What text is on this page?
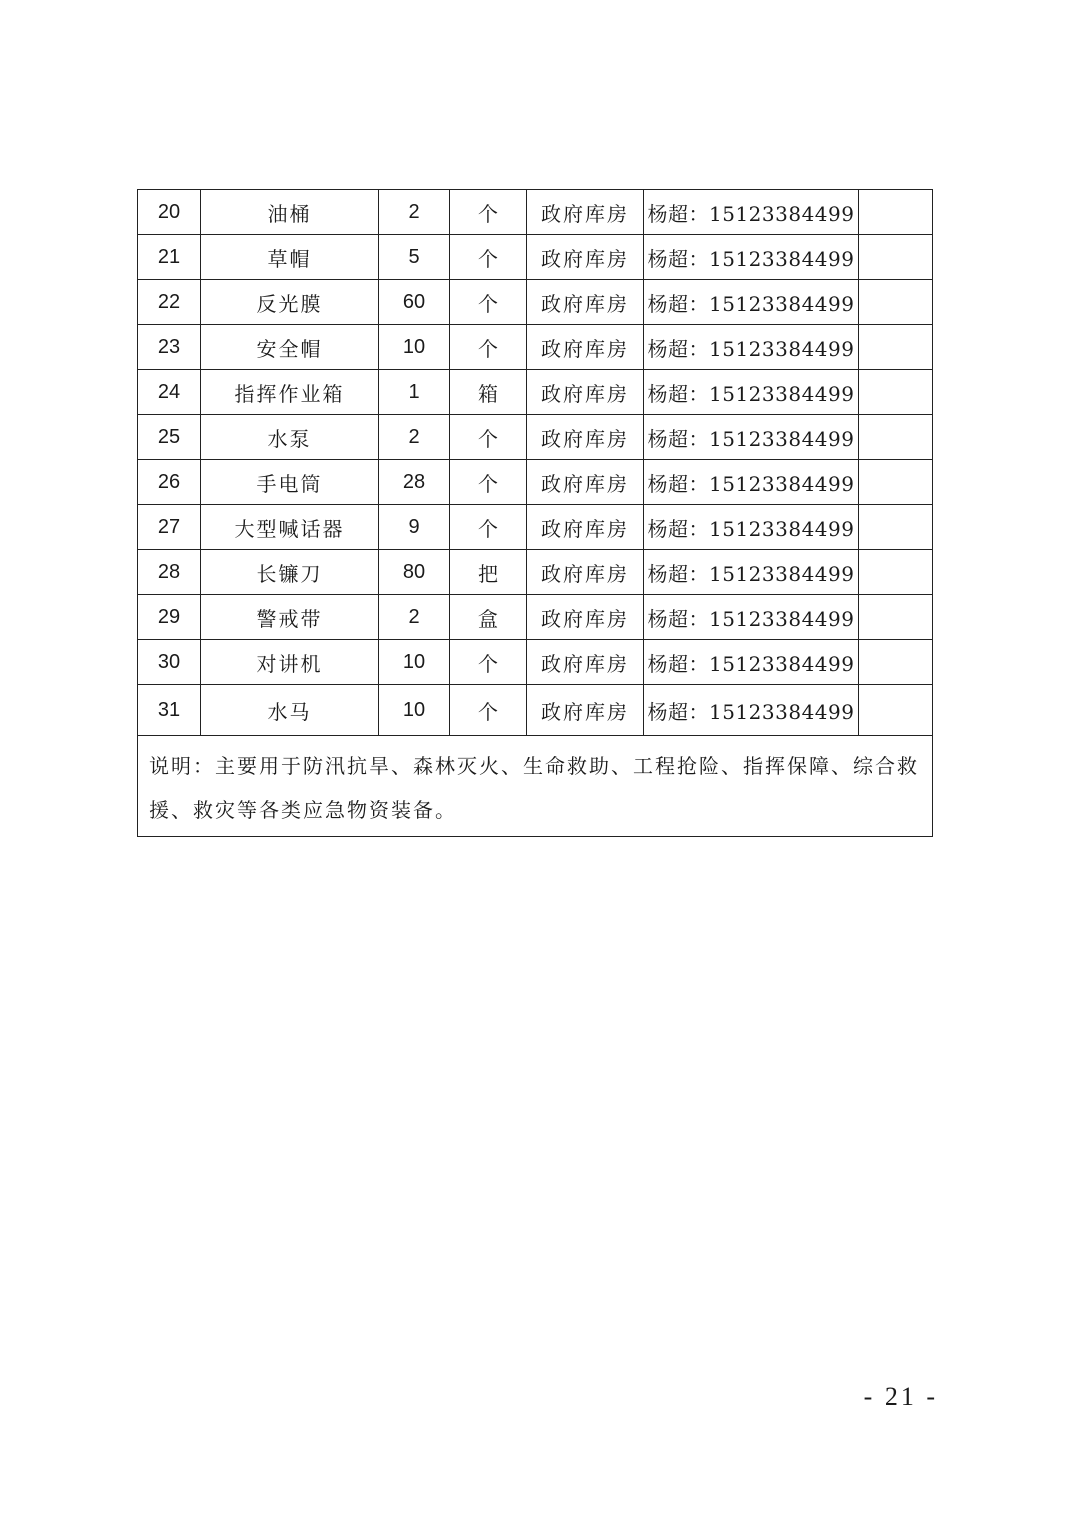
20	油桶	2	个	政府库房	杨超：15123384499	
21	草帽	5	个	政府库房	杨超：15123384499	
22	反光膜	60	个	政府库房	杨超：15123384499	
23	安全帽	10	个	政府库房	杨超：15123384499	
24	指挥作业箱	1	箱	政府库房	杨超：15123384499	
25	水泵	2	个	政府库房	杨超：15123384499	
26	手电筒	28	个	政府库房	杨超：15123384499	
27	大型喊话器	9	个	政府库房	杨超：15123384499	
28	长镰刀	80	把	政府库房	杨超：15123384499	
29	警戒带	2	盒	政府库房	杨超：15123384499	
30	对讲机	10	个	政府库房	杨超：15123384499	
31	水马	10	个	政府库房	杨超：15123384499	
说明：主要用于防汛抗旱、森林灭火、生命救助、工程抢险、指挥保障、综合救援、救灾等各类应急物资装备。						
- 21 -
